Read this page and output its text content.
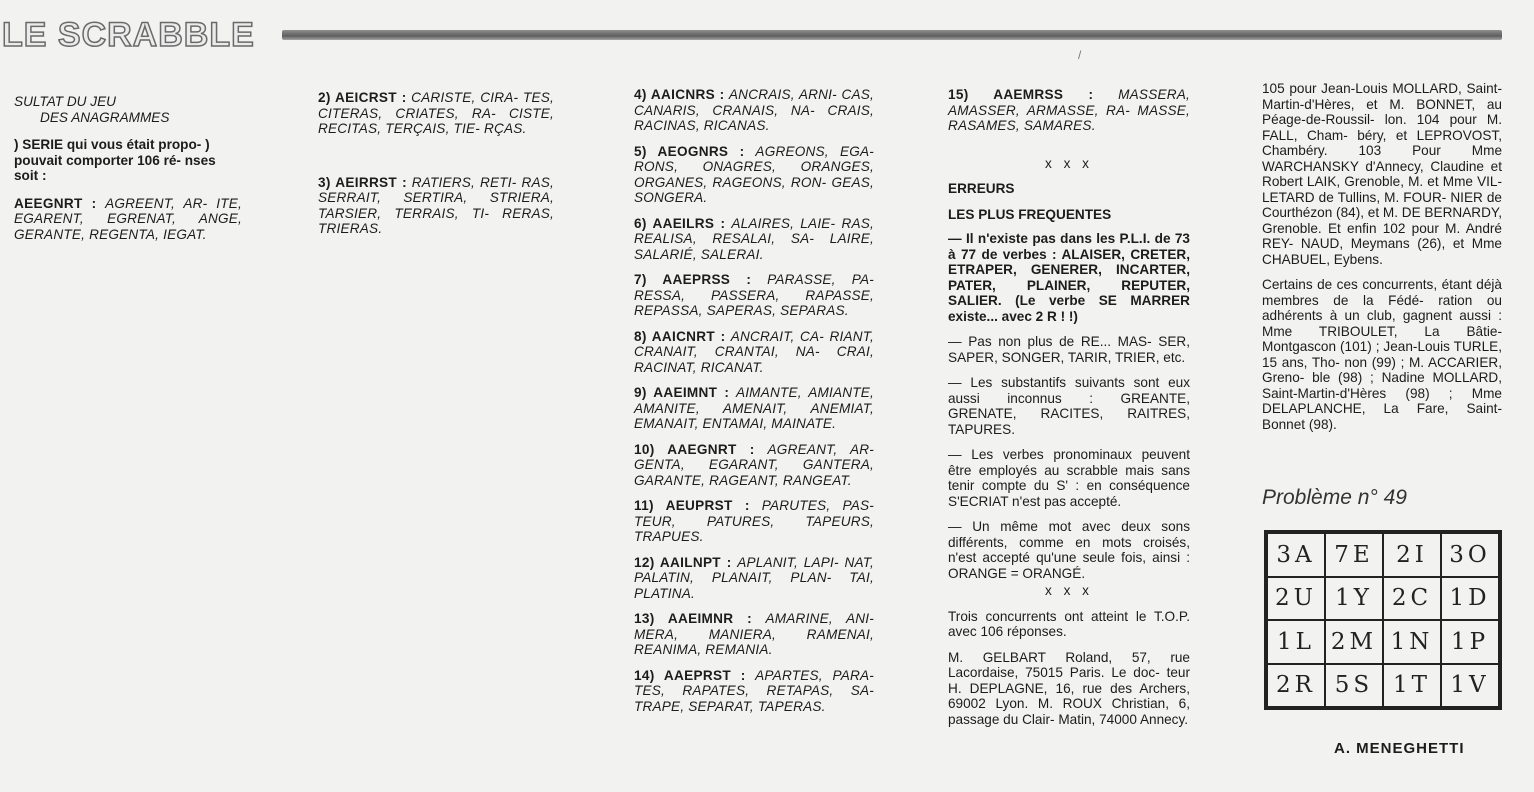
LE SCRABBLE
/

SULTAT DU JEU

DES ANAGRAMMES

) SERIE qui vous était propo- ) pouvait comporter 106 ré- nses soit :

AEEGNRT : AGREENT, AR- ITE, EGARENT, EGRENAT, ANGE, GERANTE, REGENTA, IEGAT.

2) AEICRST : CARISTE, CIRA- TES, CITERAS, CRIATES, RA- CISTE, RECITAS, TERÇAIS, TIE- RÇAS.

3) AEIRRST : RATIERS, RETI- RAS, SERRAIT, SERTIRA, STRIERA, TARSIER, TERRAIS, TI- RERAS, TRIERAS.

4) AAICNRS : ANCRAIS, ARNI- CAS, CANARIS, CRANAIS, NA- CRAIS, RACINAS, RICANAS.

5) AEOGNRS : AGREONS, EGA- RONS, ONAGRES, ORANGES, ORGANES, RAGEONS, RON- GEAS, SONGERA.

6) AAEILRS : ALAIRES, LAIE- RAS, REALISA, RESALAI, SA- LAIRE, SALARIÉ, SALERAI.

7) AAEPRSS : PARASSE, PA- RESSA, PASSERA, RAPASSE, REPASSA, SAPERAS, SEPARAS.

8) AAICNRT : ANCRAIT, CA- RIANT, CRANAIT, CRANTAI, NA- CRAI, RACINAT, RICANAT.

9) AAEIMNT : AIMANTE, AMIANTE, AMANITE, AMENAIT, ANEMIAT, EMANAIT, ENTAMAI, MAINATE.

10) AAEGNRT : AGREANT, AR- GENTA, EGARANT, GANTERA, GARANTE, RAGEANT, RANGEAT.

11) AEUPRST : PARUTES, PAS- TEUR, PATURES, TAPEURS, TRAPUES.

12) AAILNPT : APLANIT, LAPI- NAT, PALATIN, PLANAIT, PLAN- TAI, PLATINA.

13) AAEIMNR : AMARINE, ANI- MERA, MANIERA, RAMENAI, REANIMA, REMANIA.

14) AAEPRST : APARTES, PARA- TES, RAPATES, RETAPAS, SA- TRAPE, SEPARAT, TAPERAS.

15) AAEMRSS : MASSERA, AMASSER, ARMASSE, RA- MASSE, RASAMES, SAMARES.

x x x

ERREURS

LES PLUS FREQUENTES

— Il n'existe pas dans les P.L.I. de 73 à 77 de verbes : ALAISER, CRETER, ETRAPER, GENERER, INCARTER, PATER, PLAINER, REPUTER, SALIER. (Le verbe SE MARRER existe... avec 2 R ! !)

— Pas non plus de RE... MAS- SER, SAPER, SONGER, TARIR, TRIER, etc.

— Les substantifs suivants sont eux aussi inconnus : GREANTE, GRENATE, RACITES, RAITRES, TAPURES.

— Les verbes pronominaux peuvent être employés au scrabble mais sans tenir compte du S' : en conséquence S'ECRIAT n'est pas accepté.

— Un même mot avec deux sons différents, comme en mots croisés, n'est accepté qu'une seule fois, ainsi : ORANGE = ORANGÉ.

x x x

Trois concurrents ont atteint le T.O.P. avec 106 réponses.

M. GELBART Roland, 57, rue Lacordaise, 75015 Paris. Le doc- teur H. DEPLAGNE, 16, rue des Archers, 69002 Lyon. M. ROUX Christian, 6, passage du Clair- Matin, 74000 Annecy.

105 pour Jean-Louis MOLLARD, Saint-Martin-d'Hères, et M. BONNET, au Péage-de-Roussil- lon. 104 pour M. FALL, Cham- béry, et LEPROVOST, Chambéry. 103 Pour Mme WARCHANSKY d'Annecy, Claudine et Robert LAIK, Grenoble, M. et Mme VIL- LETARD de Tullins, M. FOUR- NIER de Courthézon (84), et M. DE BERNARDY, Grenoble. Et enfin 102 pour M. André REY- NAUD, Meymans (26), et Mme CHABUEL, Eybens.

Certains de ces concurrents, étant déjà membres de la Fédé- ration ou adhérents à un club, gagnent aussi : Mme TRIBOULET, La Bâtie-Montgascon (101) ; Jean-Louis TURLE, 15 ans, Tho- non (99) ; M. ACCARIER, Greno- ble (98) ; Nadine MOLLARD, Saint-Martin-d'Hères (98) ; Mme DELAPLANCHE, La Fare, Saint- Bonnet (98).

Problème n° 49

3A 7E 2I 3O
2U 1Y 2C 1D
1L 2M 1N 1P
2R 5S 1T 1V

A. MENEGHETTI
